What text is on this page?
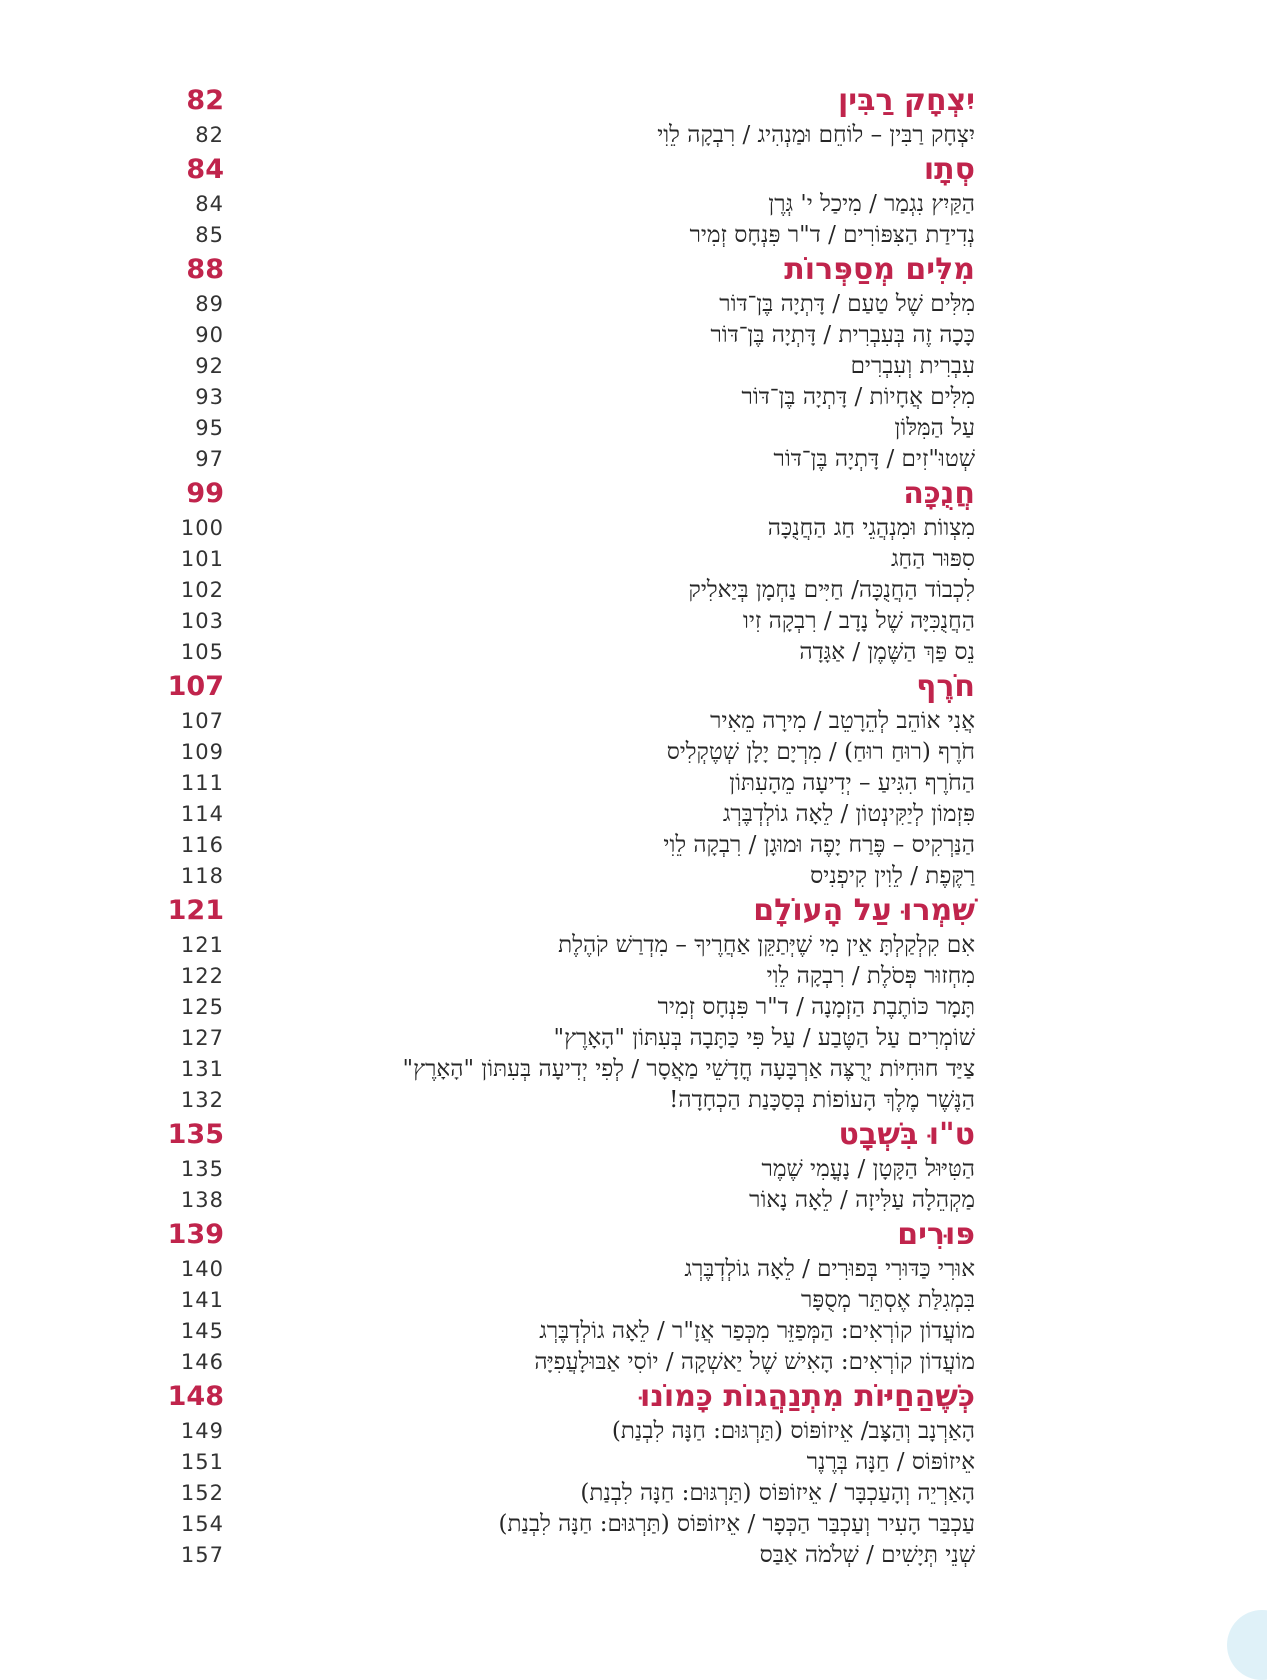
יִצְחָק רַבִּין
82
יִצְחָק רַבִּין – לוֹחֵם וּמַנְהִיג / רִבְקָה לֵוִי
82
סְתָו
84
הַקַּיִץ נִגְמַר / מִיכַל י' גְּרֶן
84
נְדִידַת הַצִּפּוֹרִים / ד"ר פִּנְחָס זְמִיר
85
מִלִּים מְסַפְּרוֹת
88
מִלִּים שֶׁל טַעַם / דָּתְיָה בֶּן־דּוֹר
89
כָּכָה זֶה בְּעִבְרִית / דָּתְיָה בֶּן־דּוֹר
90
עִבְרִית וְעִבְרִים
92
מִלִּים אֲחָיוֹת / דָּתְיָה בֶּן־דּוֹר
93
עַל הַמִּלּוֹן
95
שְׁטוּ"זִים / דָּתְיָה בֶּן־דּוֹר
97
חֲנֻכָּה
99
מִצְווֹת וּמִנְהֲגֵי חַג הַחֲנֻכָּה
100
סִפּוּר הַחַג
101
לִכְבוֹד הַחֲנֻכָּה/ חַיִּים נַחְמָן בְּיַאלִיק
102
הַחֲנֻכִּיָּה שֶׁל נָדָב / רִבְקָה זִיו
103
נֵס פַּךְ הַשֶּׁמֶן / אַגָּדָה
105
חֹרֶף
107
אֲנִי אוֹהֵב לְהֵרָטֵב / מִירָה מֵאִיר
107
חֹרֶף (רוּחַ רוּחַ) / מִרְיָם יָלָן שְׁטֶקְלִיס
109
הַחֹרֶף הִגִּיעַ – יְדִיעָה מֵהָעִתּוֹן
111
פִּזְמוֹן לְיַקִּינְטוֹן / לֵאָה גוֹלְדְבֶּרְג
114
הַנַּרְקִיס – פֶּרַח יָפֶה וּמוּגָן / רִבְקָה לֵוִי
116
רַקֶּפֶת / לֵוִין קִיפְנִיס
118
שִׁמְרוּ עַל הָעוֹלָם
121
אִם קִלְקַלְתָּ אֵין מִי שֶׁיְּתַקֵּן אַחֲרֶיךָ – מִדְרַשׁ קֹהֶלֶת
121
מִחְזוּר פְּסֹלֶת / רִבְקָה לֵוִי
122
תָּמָר כּוֹתֶבֶת הַזְמָנָה / ד"ר פִּנְחָס זְמִיר
125
שׁוֹמְרִים עַל הַטֶּבַע / עַל פִּי כַּתָּבָה בְּעִתּוֹן "הָאָרֶץ"
127
צַיַּד חוּחִיּוֹת יְרֻצֶּה אַרְבָּעָה חֳדָשֵׁי מַאֲסָר / לְפִי יְדִיעָה בְּעִתּוֹן "הָאָרֶץ"
131
הַנֶּשֶׁר מֶלֶךְ הָעוֹפוֹת בְּסַכָּנַת הַכְחָדָה!
132
ט"וּ בִּשְׁבָט
135
הַטִּיּוּל הַקָּטָן / נָעֳמִי שֶׁמֶר
135
מַקְהֵלָה עַלִּיזָה / לֵאָה נָאוֹר
138
פּוּרִים
139
אוּרִי כַּדּוּרִי בְּפוּרִים / לֵאָה גוֹלְדְבֶּרְג
140
בִּמְגִלַּת אֶסְתֵּר מְסֻפָּר
141
מוֹעֲדוֹן קוֹרְאִים: הַמְּפַזֵּר מִכְּפַר אֲזָ"ר / לֵאָה גוֹלְדְבֶּרְג
145
מוֹעֲדוֹן קוֹרְאִים: הָאִישׁ שֶׁל יַאשְׁקָה / יוֹסִי אַבּוּלָעֲפִיָּה
146
כְּשֶׁהַחַיּוֹת מִתְנַהֲגוֹת כָּמוֹנוּ
148
הָאַרְנָב וְהַצָּב/ אֵיזוֹפּוֹס (תַּרְגּוּם: חַנָּה לִבְנַת)
149
אֵיזוֹפּוֹס / חַנָּה בְּרֶנֶר
151
הָאַרְיֵה וְהָעַכְבָּר / אֵיזוֹפּוֹס (תַּרְגּוּם: חַנָּה לִבְנַת)
152
עַכְבַּר הָעִיר וְעַכְבַּר הַכְּפָר / אֵיזוֹפּוֹס (תַּרְגּוּם: חַנָּה לִבְנַת)
154
שְׁנֵי תְּיָשִׁים / שְׁלֹמֹה אַבַּס
157
